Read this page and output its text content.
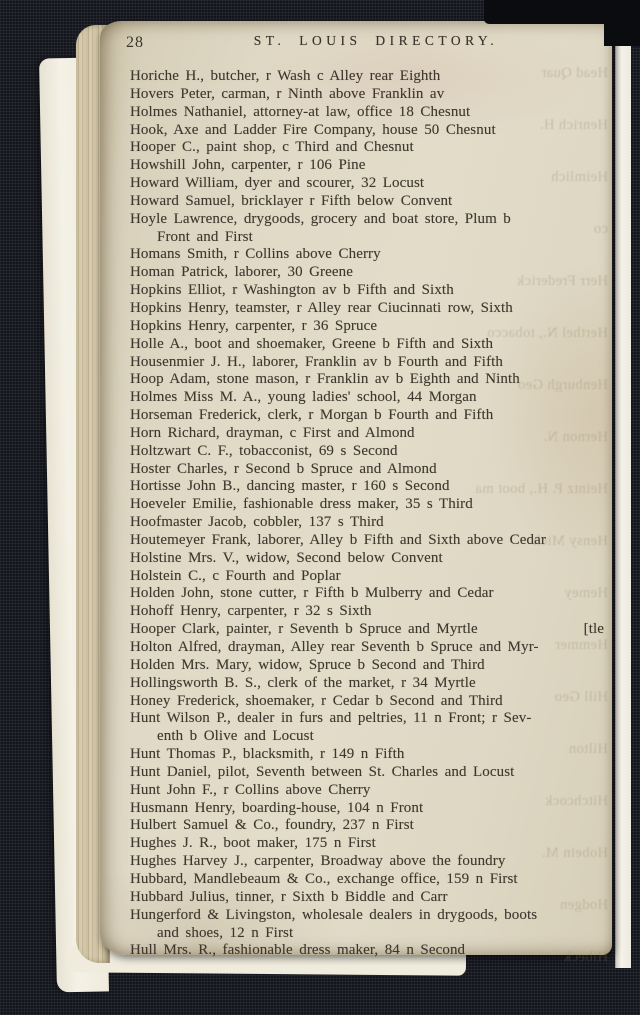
Head Quar
Henrich H.
Heimlich
co
Herr Frederick
Herthel N., tobacco
Henburgh Geo
Hernon N.
Heintz P. H., boot ma
Hensy Mich
Hemey
Hemmer
Hill Geo
Hilton
Hitchcock
Hobein M.
Hodgen
Hibeck
28	ST. LOUIS DIRECTORY.
Horiche H., butcher, r Wash c Alley rear Eighth
Hovers Peter, carman, r Ninth above Franklin av
Holmes Nathaniel, attorney-at law, office 18 Chesnut
Hook, Axe and Ladder Fire Company, house 50 Chesnut
Hooper C., paint shop, c Third and Chesnut
Howshill John, carpenter, r 106 Pine
Howard William, dyer and scourer, 32 Locust
Howard Samuel, bricklayer r Fifth below Convent
Hoyle Lawrence, drygoods, grocery and boat store, Plum b
Front and First
Homans Smith, r Collins above Cherry
Homan Patrick, laborer, 30 Greene
Hopkins Elliot, r Washington av b Fifth and Sixth
Hopkins Henry, teamster, r Alley rear Ciucinnati row, Sixth
Hopkins Henry, carpenter, r 36 Spruce
Holle A., boot and shoemaker, Greene b Fifth and Sixth
Housenmier J. H., laborer, Franklin av b Fourth and Fifth
Hoop Adam, stone mason, r Franklin av b Eighth and Ninth
Holmes Miss M. A., young ladies' school, 44 Morgan
Horseman Frederick, clerk, r Morgan b Fourth and Fifth
Horn Richard, drayman, c First and Almond
Holtzwart C. F., tobacconist, 69 s Second
Hoster Charles, r Second b Spruce and Almond
Hortisse John B., dancing master, r 160 s Second
Hoeveler Emilie, fashionable dress maker, 35 s Third
Hoofmaster Jacob, cobbler, 137 s Third
Houtemeyer Frank, laborer, Alley b Fifth and Sixth above Cedar
Holstine Mrs. V., widow, Second below Convent
Holstein C., c Fourth and Poplar
Holden John, stone cutter, r Fifth b Mulberry and Cedar
Hohoff Henry, carpenter, r 32 s Sixth
[tle
Hooper Clark, painter, r Seventh b Spruce and Myrtle
Holton Alfred, drayman, Alley rear Seventh b Spruce and Myr-
Holden Mrs. Mary, widow, Spruce b Second and Third
Hollingsworth B. S., clerk of the market, r 34 Myrtle
Honey Frederick, shoemaker, r Cedar b Second and Third
Hunt Wilson P., dealer in furs and peltries, 11 n Front; r Sev-
enth b Olive and Locust
Hunt Thomas P., blacksmith, r 149 n Fifth
Hunt Daniel, pilot, Seventh between St. Charles and Locust
Hunt John F., r Collins above Cherry
Husmann Henry, boarding-house, 104 n Front
Hulbert Samuel & Co., foundry, 237 n First
Hughes J. R., boot maker, 175 n First
Hughes Harvey J., carpenter, Broadway above the foundry
Hubbard, Mandlebeaum & Co., exchange office, 159 n First
Hubbard Julius, tinner, r Sixth b Biddle and Carr
Hungerford & Livingston, wholesale dealers in drygoods, boots
and shoes, 12 n First
Hull Mrs. R., fashionable dress maker, 84 n Second
